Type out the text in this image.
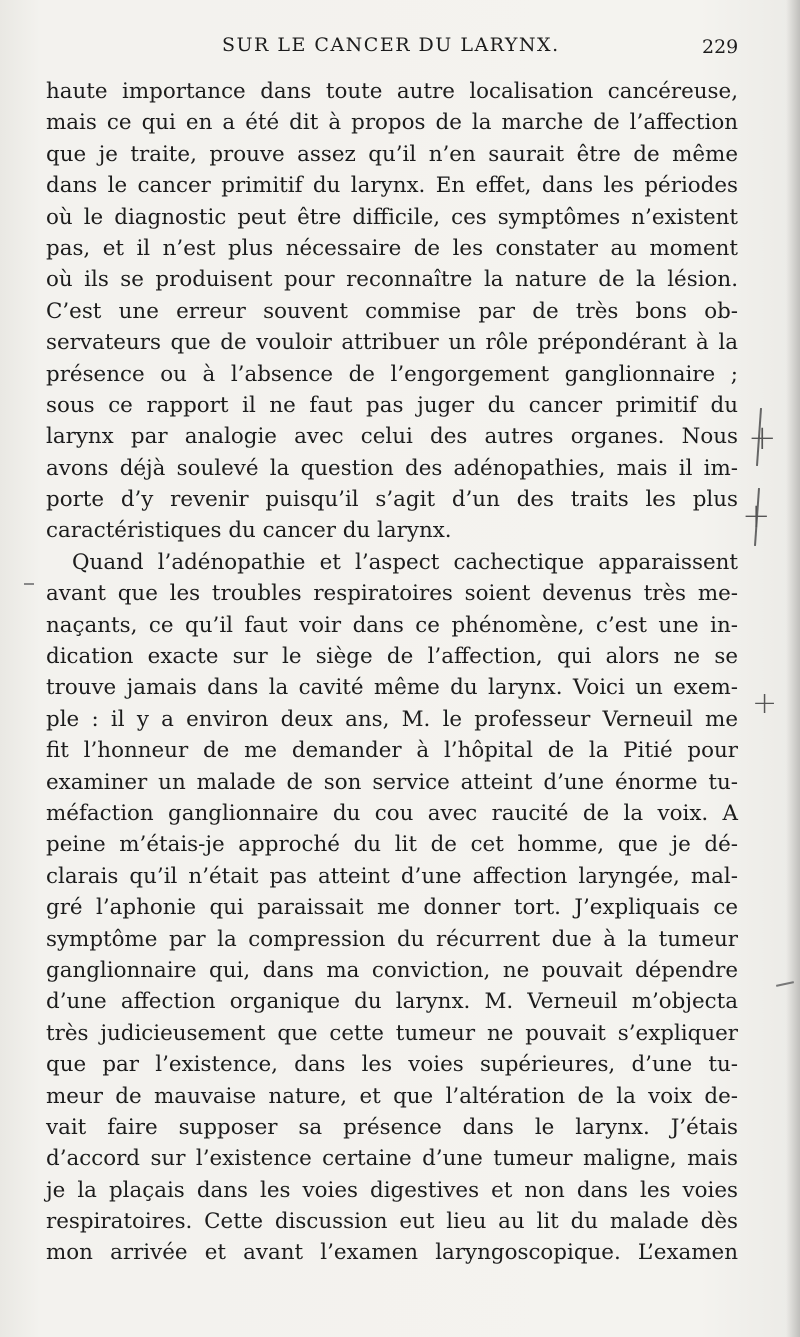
SUR LE CANCER DU LARYNX.	229
haute importance dans toute autre localisation cancéreuse,
mais ce qui en a été dit à propos de la marche de l’affection
que je traite, prouve assez qu’il n’en saurait être de même
dans le cancer primitif du larynx. En effet, dans les périodes
où le diagnostic peut être difficile, ces symptômes n’existent
pas, et il n’est plus nécessaire de les constater au moment
où ils se produisent pour reconnaître la nature de la lésion.
C’est une erreur souvent commise par de très bons ob-
servateurs que de vouloir attribuer un rôle prépondérant à la
présence ou à l’absence de l’engorgement ganglionnaire ;
sous ce rapport il ne faut pas juger du cancer primitif du
larynx par analogie avec celui des autres organes. Nous
avons déjà soulevé la question des adénopathies, mais il im-
porte d’y revenir puisqu’il s’agit d’un des traits les plus
caractéristiques du cancer du larynx.
Quand l’adénopathie et l’aspect cachectique apparaissent
avant que les troubles respiratoires soient devenus très me-
naçants, ce qu’il faut voir dans ce phénomène, c’est une in-
dication exacte sur le siège de l’affection, qui alors ne se
trouve jamais dans la cavité même du larynx. Voici un exem-
ple : il y a environ deux ans, M. le professeur Verneuil me
fit l’honneur de me demander à l’hôpital de la Pitié pour
examiner un malade de son service atteint d’une énorme tu-
méfaction ganglionnaire du cou avec raucité de la voix. A
peine m’étais-je approché du lit de cet homme, que je dé-
clarais qu’il n’était pas atteint d’une affection laryngée, mal-
gré l’aphonie qui paraissait me donner tort. J’expliquais ce
symptôme par la compression du récurrent due à la tumeur
ganglionnaire qui, dans ma conviction, ne pouvait dépendre
d’une affection organique du larynx. M. Verneuil m’objecta
très judicieusement que cette tumeur ne pouvait s’expliquer
que par l’existence, dans les voies supérieures, d’une tu-
meur de mauvaise nature, et que l’altération de la voix de-
vait faire supposer sa présence dans le larynx. J’étais
d’accord sur l’existence certaine d’une tumeur maligne, mais
je la plaçais dans les voies digestives et non dans les voies
respiratoires. Cette discussion eut lieu au lit du malade dès
mon arrivée et avant l’examen laryngoscopique. L’examen
+
+
+
